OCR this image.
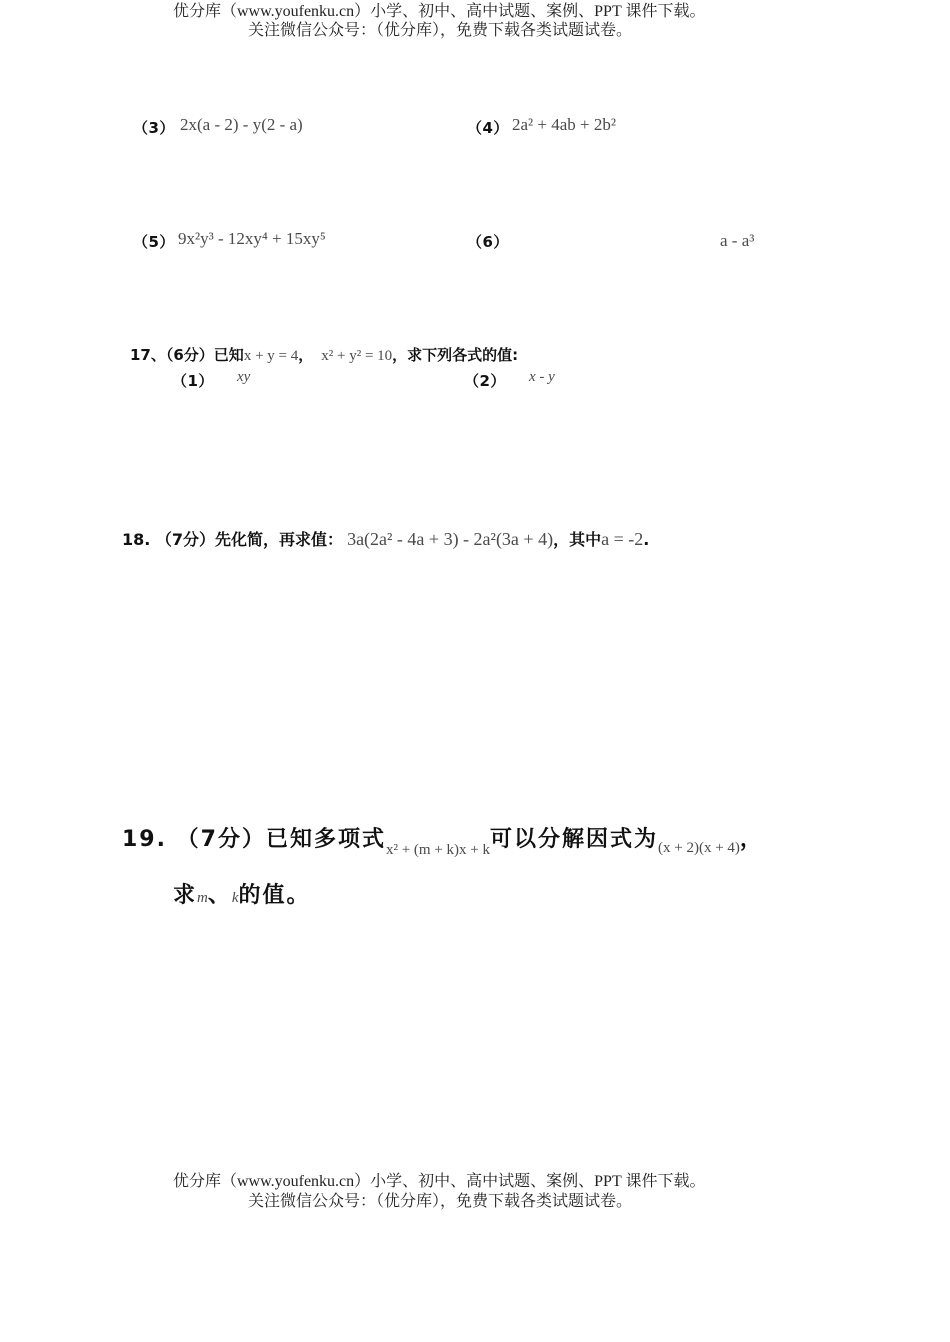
优分库（www.youfenku.cn）小学、初中、高中试题、案例、PPT 课件下载。
关注微信公众号：（优分库），免费下载各类试题试卷。
（3） 2x(a - 2) - y(2 - a)	（4） 2a² + 4ab + 2b²
（5） 9x²y³ - 12xy⁴ + 15xy⁵	（6）	a - a³
17、（6分）已知x + y = 4， x² + y² = 10，求下列各式的值:
（1） xy	（2） x - y
18. （7分）先化简，再求值： 3a(2a² - 4a + 3) - 2a²(3a + 4)，其中a = -2.
19. （7分）已知多项式$_{x^2 + (m + k)x + k}$可以分解因式为$_{(x + 2)(x + 4)}$，
求m、k的值。
优分库（www.youfenku.cn）小学、初中、高中试题、案例、PPT 课件下载。
关注微信公众号：（优分库），免费下载各类试题试卷。
